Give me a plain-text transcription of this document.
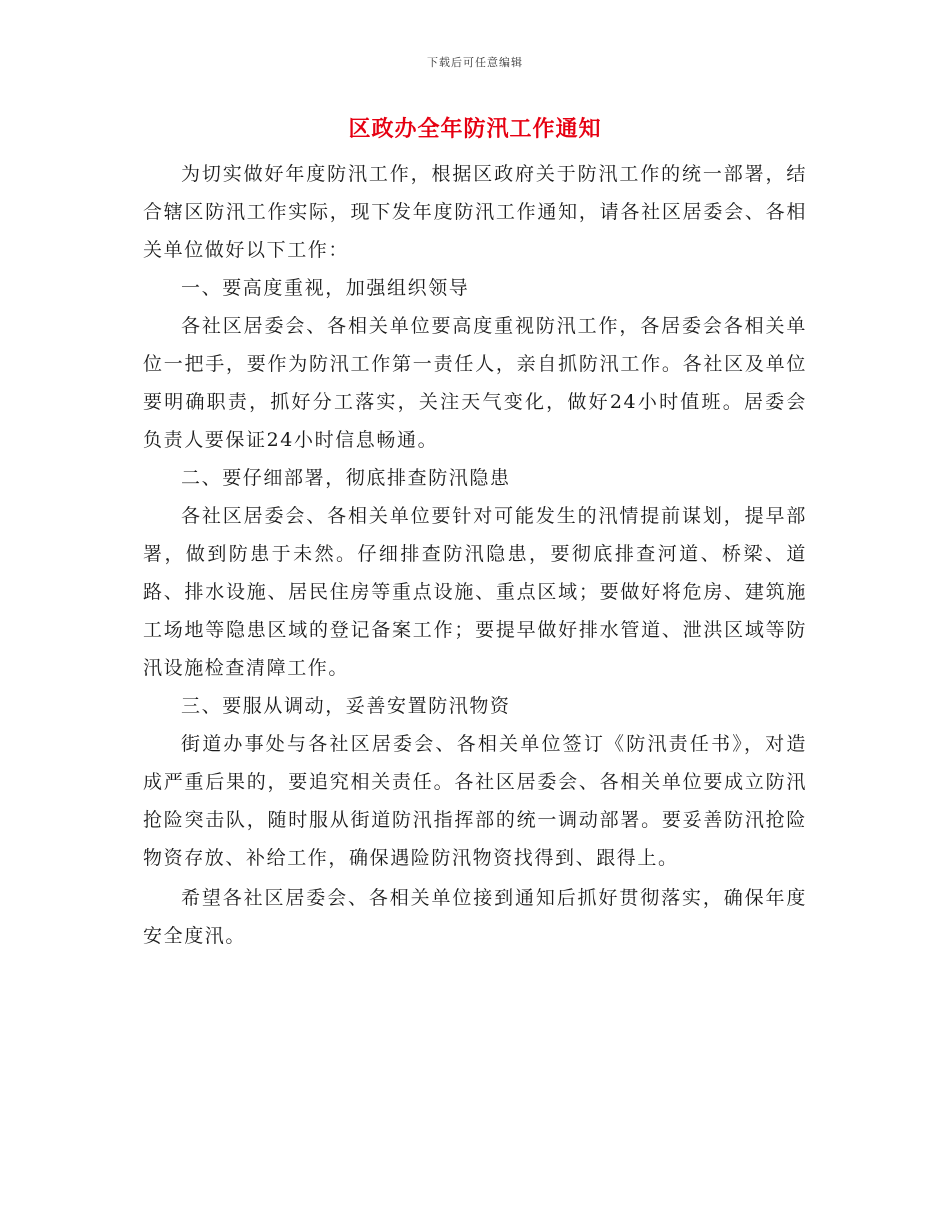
下载后可任意编辑
区政办全年防汛工作通知

为切实做好年度防汛工作，根据区政府关于防汛工作的统一部署，结合辖区防汛工作实际，现下发年度防汛工作通知，请各社区居委会、各相关单位做好以下工作：

一、要高度重视，加强组织领导

各社区居委会、各相关单位要高度重视防汛工作，各居委会各相关单位一把手，要作为防汛工作第一责任人，亲自抓防汛工作。各社区及单位要明确职责，抓好分工落实，关注天气变化，做好24小时值班。居委会负责人要保证24小时信息畅通。

二、要仔细部署，彻底排查防汛隐患

各社区居委会、各相关单位要针对可能发生的汛情提前谋划，提早部署，做到防患于未然。仔细排查防汛隐患，要彻底排查河道、桥梁、道路、排水设施、居民住房等重点设施、重点区域；要做好将危房、建筑施工场地等隐患区域的登记备案工作；要提早做好排水管道、泄洪区域等防汛设施检查清障工作。

三、要服从调动，妥善安置防汛物资

街道办事处与各社区居委会、各相关单位签订《防汛责任书》，对造成严重后果的，要追究相关责任。各社区居委会、各相关单位要成立防汛抢险突击队，随时服从街道防汛指挥部的统一调动部署。要妥善防汛抢险物资存放、补给工作，确保遇险防汛物资找得到、跟得上。

希望各社区居委会、各相关单位接到通知后抓好贯彻落实，确保年度安全度汛。
